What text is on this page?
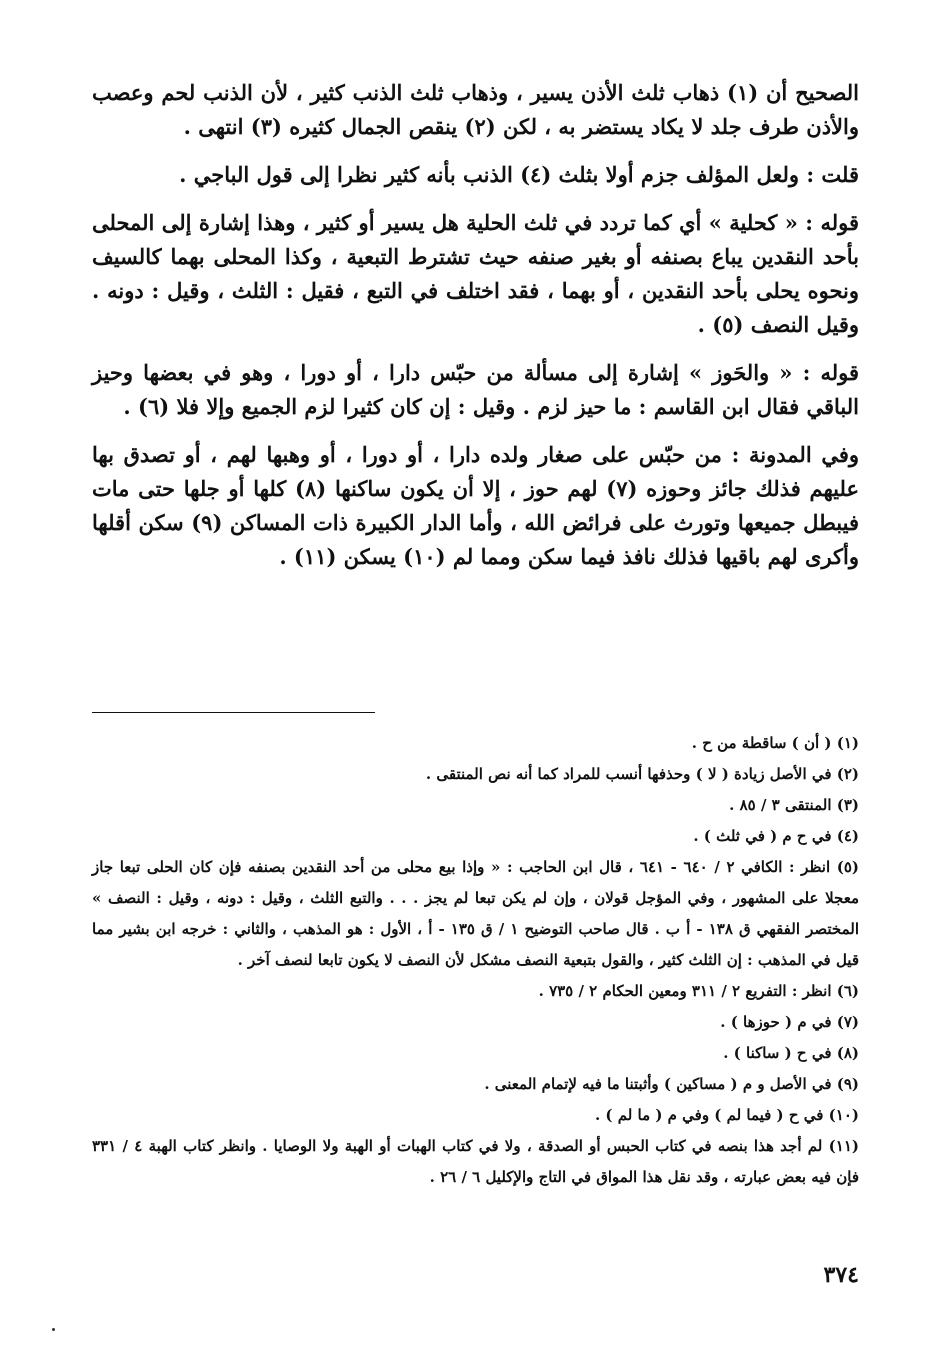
الصحيح أن (١) ذهاب ثلث الأذن يسير ، وذهاب ثلث الذنب كثير ، لأن الذنب لحم وعصب والأذن طرف جلد لا يكاد يستضر به ، لكن (٢) ينقص الجمال كثيره (٣) انتهى .

قلت : ولعل المؤلف جزم أولا بثلث (٤) الذنب بأنه كثير نظرا إلى قول الباجي .

قوله : « كحلية » أي كما تردد في ثلث الحلية هل يسير أو كثير ، وهذا إشارة إلى المحلى بأحد النقدين يباع بصنفه أو بغير صنفه حيث تشترط التبعية ، وكذا المحلى بهما كالسيف ونحوه يحلى بأحد النقدين ، أو بهما ، فقد اختلف في التبع ، فقيل : الثلث ، وقيل : دونه . وقيل النصف (٥) .

قوله : « والحَوز » إشارة إلى مسألة من حبّس دارا ، أو دورا ، وهو في بعضها وحيز الباقي فقال ابن القاسم : ما حيز لزم . وقيل : إن كان كثيرا لزم الجميع وإلا فلا (٦) .

وفي المدونة : من حبّس على صغار ولده دارا ، أو دورا ، أو وهبها لهم ، أو تصدق بها عليهم فذلك جائز وحوزه (٧) لهم حوز ، إلا أن يكون ساكنها (٨) كلها أو جلها حتى مات فيبطل جميعها وتورث على فرائض الله ، وأما الدار الكبيرة ذات المساكن (٩) سكن أقلها وأكرى لهم باقيها فذلك نافذ فيما سكن ومما لم (١٠) يسكن (١١) .

(١) ( أن ) ساقطة من ح .
(٢) في الأصل زيادة ( لا ) وحذفها أنسب للمراد كما أنه نص المنتقى .
(٣) المنتقى ٣ / ٨٥ .
(٤) في ح م ( في ثلث ) .
(٥) انظر : الكافي ٢ / ٦٤٠ - ٦٤١ ، قال ابن الحاجب : « وإذا بيع محلى من أحد النقدين بصنفه فإن كان الحلى تبعا جاز معجلا على المشهور ، وفي المؤجل قولان ، وإن لم يكن تبعا لم يجز . . . والتبع الثلث ، وقيل : دونه ، وقيل : النصف » المختصر الفقهي ق ١٣٨ - أ ب . قال صاحب التوضيح ١ / ق ١٣٥ - أ ، الأول : هو المذهب ، والثاني : خرجه ابن بشير مما قيل في المذهب : إن الثلث كثير ، والقول بتبعية النصف مشكل لأن النصف لا يكون تابعا لنصف آخر .
(٦) انظر : التفريع ٢ / ٣١١ ومعين الحكام ٢ / ٧٣٥ .
(٧) في م ( حوزها ) .
(٨) في ح ( ساكنا ) .
(٩) في الأصل و م ( مساكين ) وأثبتنا ما فيه لإتمام المعنى .
(١٠) في ح ( فيما لم ) وفي م ( ما لم ) .
(١١) لم أجد هذا بنصه في كتاب الحبس أو الصدقة ، ولا في كتاب الهبات أو الهبة ولا الوصايا . وانظر كتاب الهبة ٤ / ٣٣١ فإن فيه بعض عبارته ، وقد نقل هذا المواق في التاج والإكليل ٦ / ٢٦ .
٣٧٤
